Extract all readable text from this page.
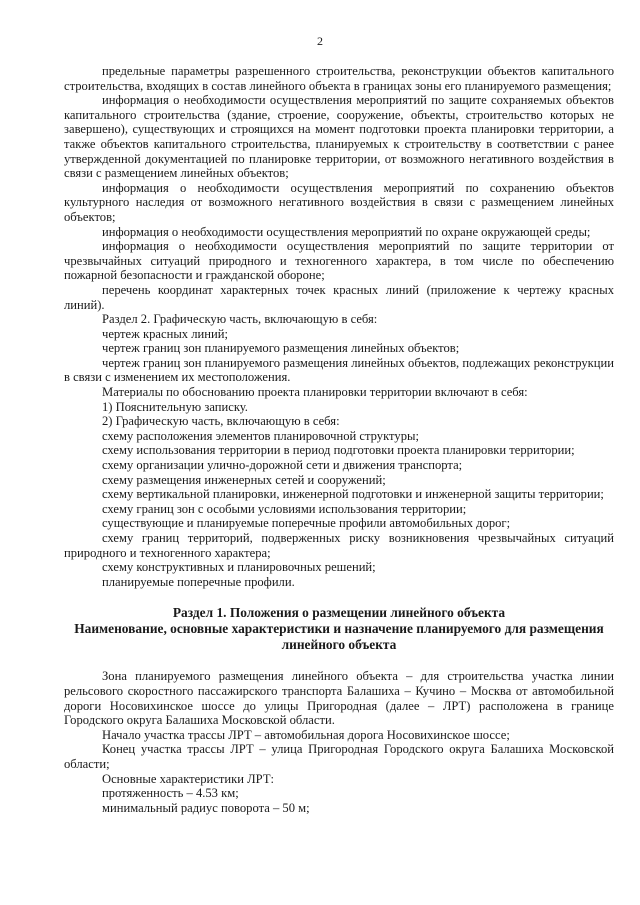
2

предельные параметры разрешенного строительства, реконструкции объектов капитального строительства, входящих в состав линейного объекта в границах зоны его планируемого размещения;

информация о необходимости осуществления мероприятий по защите сохраняемых объектов капитального строительства (здание, строение, сооружение, объекты, строительство которых не завершено), существующих и строящихся на момент подготовки проекта планировки территории, а также объектов капитального строительства, планируемых к строительству в соответствии с ранее утвержденной документацией по планировке территории, от возможного негативного воздействия в связи с размещением линейных объектов;

информация о необходимости осуществления мероприятий по сохранению объектов культурного наследия от возможного негативного воздействия в связи с размещением линейных объектов;

информация о необходимости осуществления мероприятий по охране окружающей среды;

информация о необходимости осуществления мероприятий по защите территории от чрезвычайных ситуаций природного и техногенного характера, в том числе по обеспечению пожарной безопасности и гражданской обороне;

перечень координат характерных точек красных линий (приложение к чертежу красных линий).

Раздел 2. Графическую часть, включающую в себя:

чертеж красных линий;

чертеж границ зон планируемого размещения линейных объектов;

чертеж границ зон планируемого размещения линейных объектов, подлежащих реконструкции в связи с изменением их местоположения.

Материалы по обоснованию проекта планировки территории включают в себя:

1) Пояснительную записку.

2) Графическую часть, включающую в себя:

схему расположения элементов планировочной структуры;

схему использования территории в период подготовки проекта планировки территории;

схему организации улично-дорожной сети и движения транспорта;

схему размещения инженерных сетей и сооружений;

схему вертикальной планировки, инженерной подготовки и инженерной защиты территории;

схему границ зон с особыми условиями использования территории;

существующие и планируемые поперечные профили автомобильных дорог;

схему границ территорий, подверженных риску возникновения чрезвычайных ситуаций природного и техногенного характера;

схему конструктивных и планировочных решений;

планируемые поперечные профили.

Раздел 1. Положения о размещении линейного объекта

Наименование, основные характеристики и назначение планируемого для размещения линейного объекта

Зона планируемого размещения линейного объекта – для строительства участка линии рельсового скоростного пассажирского транспорта Балашиха – Кучино – Москва от автомобильной дороги Носовихинское шоссе до улицы Пригородная (далее – ЛРТ) расположена в границе Городского округа Балашиха Московской области.

Начало участка трассы ЛРТ – автомобильная дорога Носовихинское шоссе;

Конец участка трассы ЛРТ – улица Пригородная Городского округа Балашиха Московской области;

Основные характеристики ЛРТ:

протяженность – 4.53 км;

минимальный радиус поворота – 50 м;
